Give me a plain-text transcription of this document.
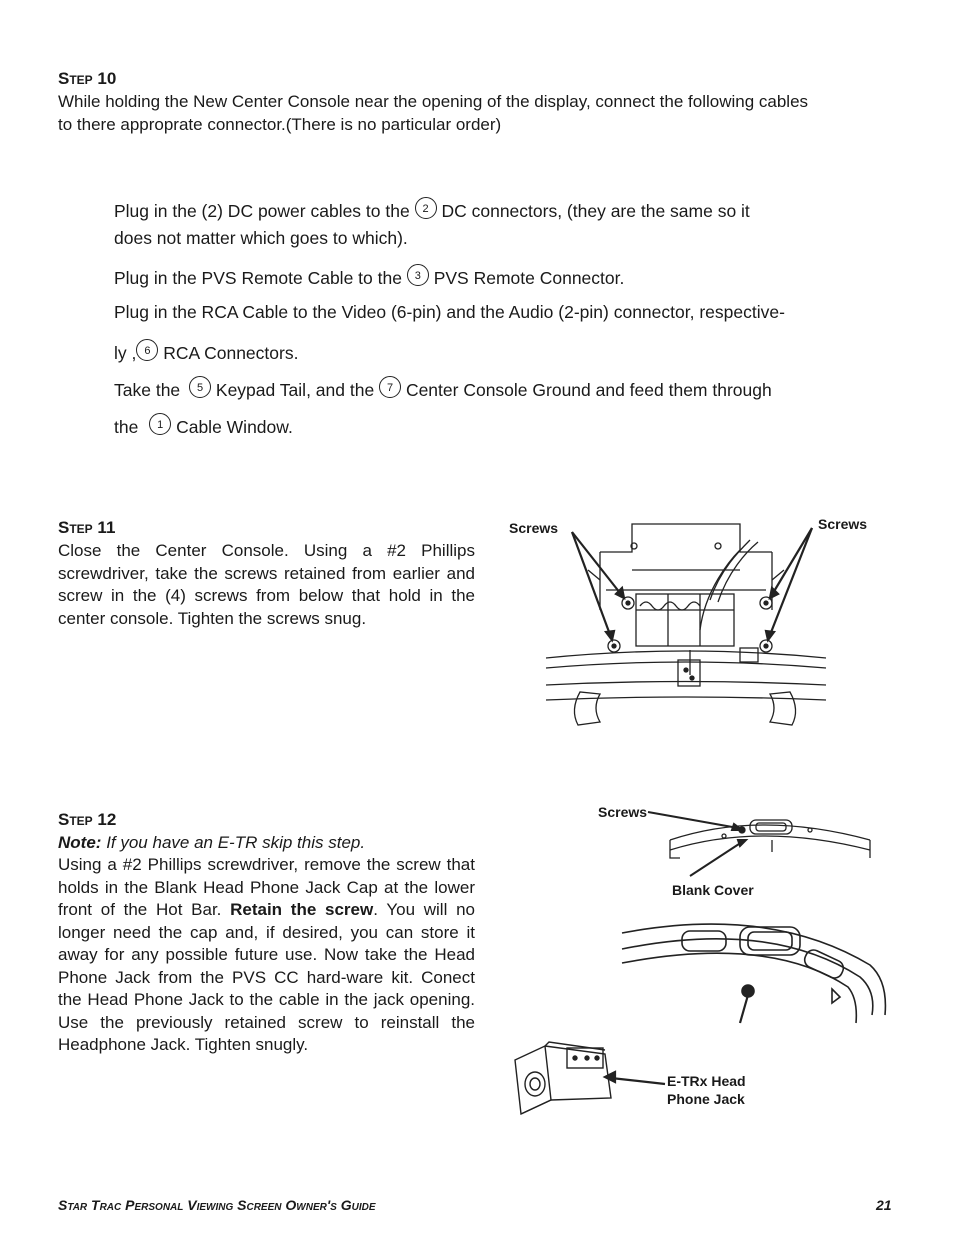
Step 10
While holding the New Center Console near the opening of the display, connect the following cables
to there approprate connector.(There is no particular order)
Plug in the (2) DC power cables to the 2 DC connectors, (they are the same so it
does not matter which goes to which).
Plug in the PVS Remote Cable to the 3 PVS Remote Connector.
Plug in the RCA Cable to the Video (6-pin) and the Audio (2-pin) connector, respective-
ly , 6 RCA Connectors.
Take the 5 Keypad Tail, and the 7 Center Console Ground and feed them through
the 1 Cable Window.
Step 11
Close the Center Console. Using a #2 Phillips screwdriver, take the screws retained from earlier and screw in the (4) screws from below that hold in the center console. Tighten the screws snug.
Screws	Screws
Step 12
Note: If you have an E-TR skip this step.
Using a #2 Phillips screwdriver, remove the screw that holds in the Blank Head Phone Jack Cap at the lower front of the Hot Bar. Retain the screw. You will no longer need the cap and, if desired, you can store it away for any possible future use. Now take the Head Phone Jack from the PVS CC hard-ware kit. Conect the Head Phone Jack to the cable in the jack opening. Use the previously retained screw to reinstall the Headphone Jack. Tighten snugly.
Screws
Blank Cover
E-TRx Head
Phone Jack
Star Trac Personal Viewing Screen Owner's Guide	21
